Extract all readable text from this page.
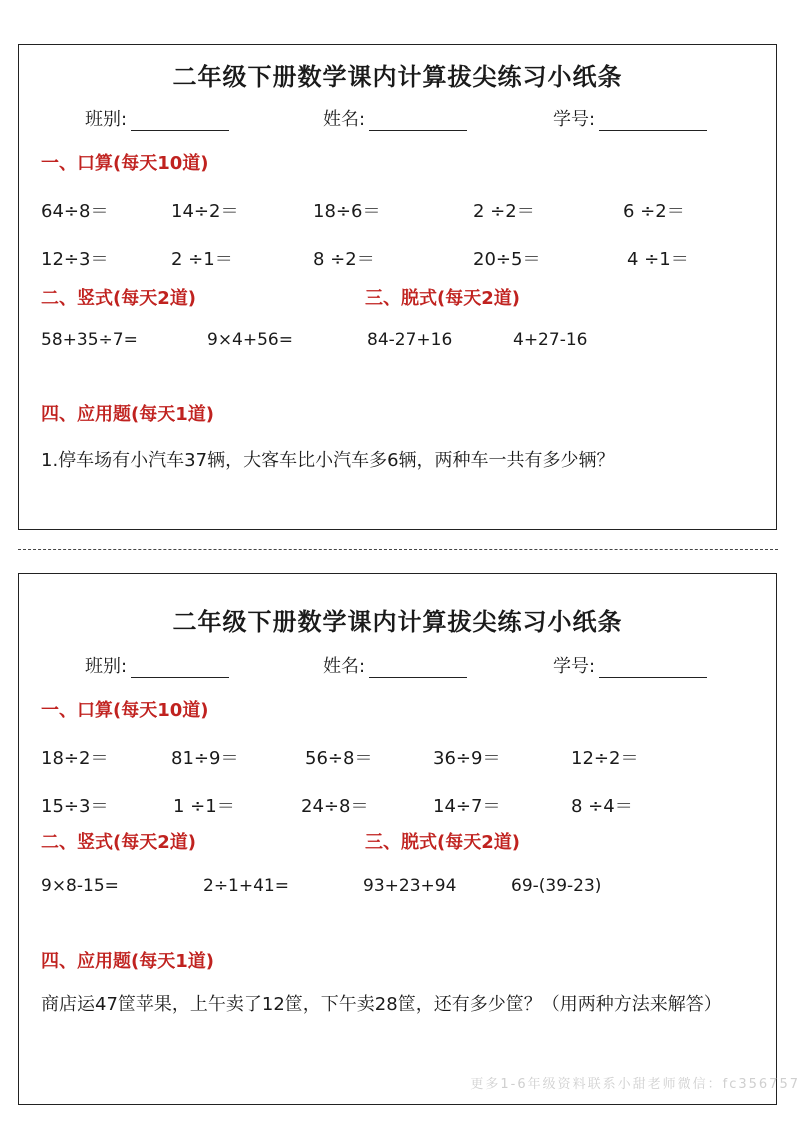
二年级下册数学课内计算拔尖练习小纸条
班别:	姓名:	学号:
一、口算(每天10道)
64÷8＝	14÷2＝	18÷6＝	2 ÷2＝	6 ÷2＝
12÷3＝	2 ÷1＝	8 ÷2＝	20÷5＝	4 ÷1＝
二、竖式(每天2道)	三、脱式(每天2道)
58+35÷7=	9×4+56=	84-27+16	4+27-16
四、应用题(每天1道)
1.停车场有小汽车37辆，大客车比小汽车多6辆，两种车一共有多少辆？
二年级下册数学课内计算拔尖练习小纸条
班别:	姓名:	学号:
一、口算(每天10道)
18÷2＝	81÷9＝	56÷8＝	36÷9＝	12÷2＝
15÷3＝	1 ÷1＝	24÷8＝	14÷7＝	8 ÷4＝
二、竖式(每天2道)	三、脱式(每天2道)
9×8-15=	2÷1+41=	93+23+94	69-(39-23)
四、应用题(每天1道)
商店运47筐苹果，上午卖了12筐，下午卖28筐，还有多少筐？（用两种方法来解答）
更多1-6年级资料联系小甜老师微信：fc356757
